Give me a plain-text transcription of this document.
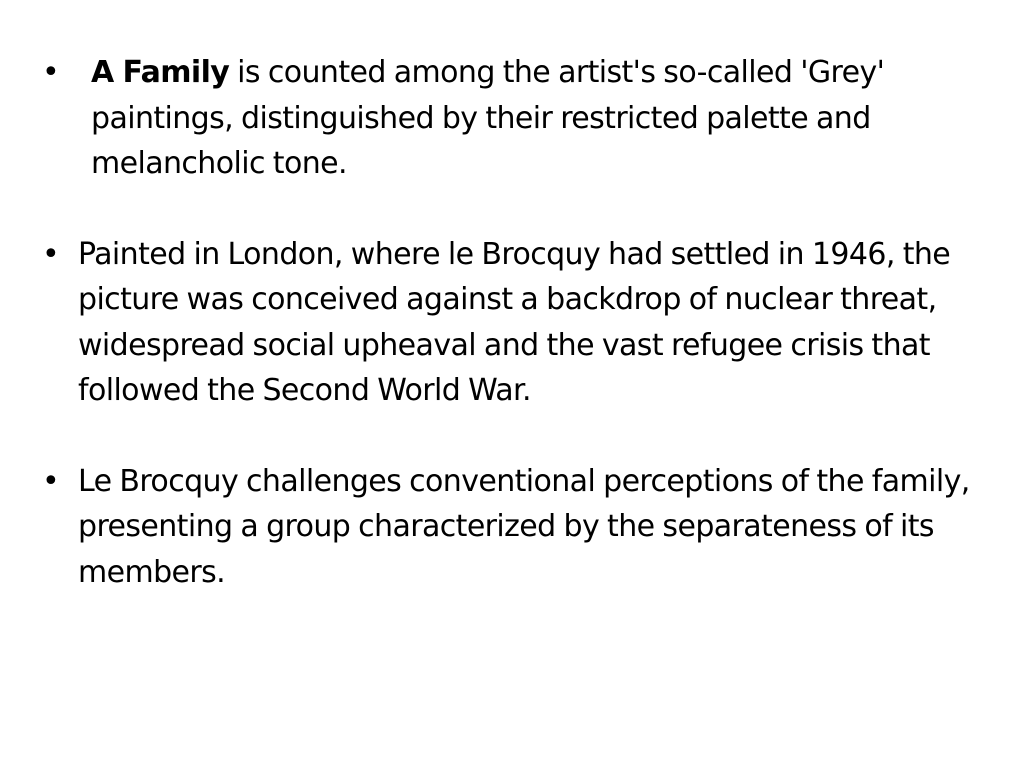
•	A Family is counted among the artist's so-called 'Grey' paintings, distinguished by their restricted palette and melancholic tone.
• Painted in London, where le Brocquy had settled in 1946, the picture was conceived against a backdrop of nuclear threat, widespread social upheaval and the vast refugee crisis that followed the Second World War.
• Le Brocquy challenges conventional perceptions of the family, presenting a group characterized by the separateness of its members.
